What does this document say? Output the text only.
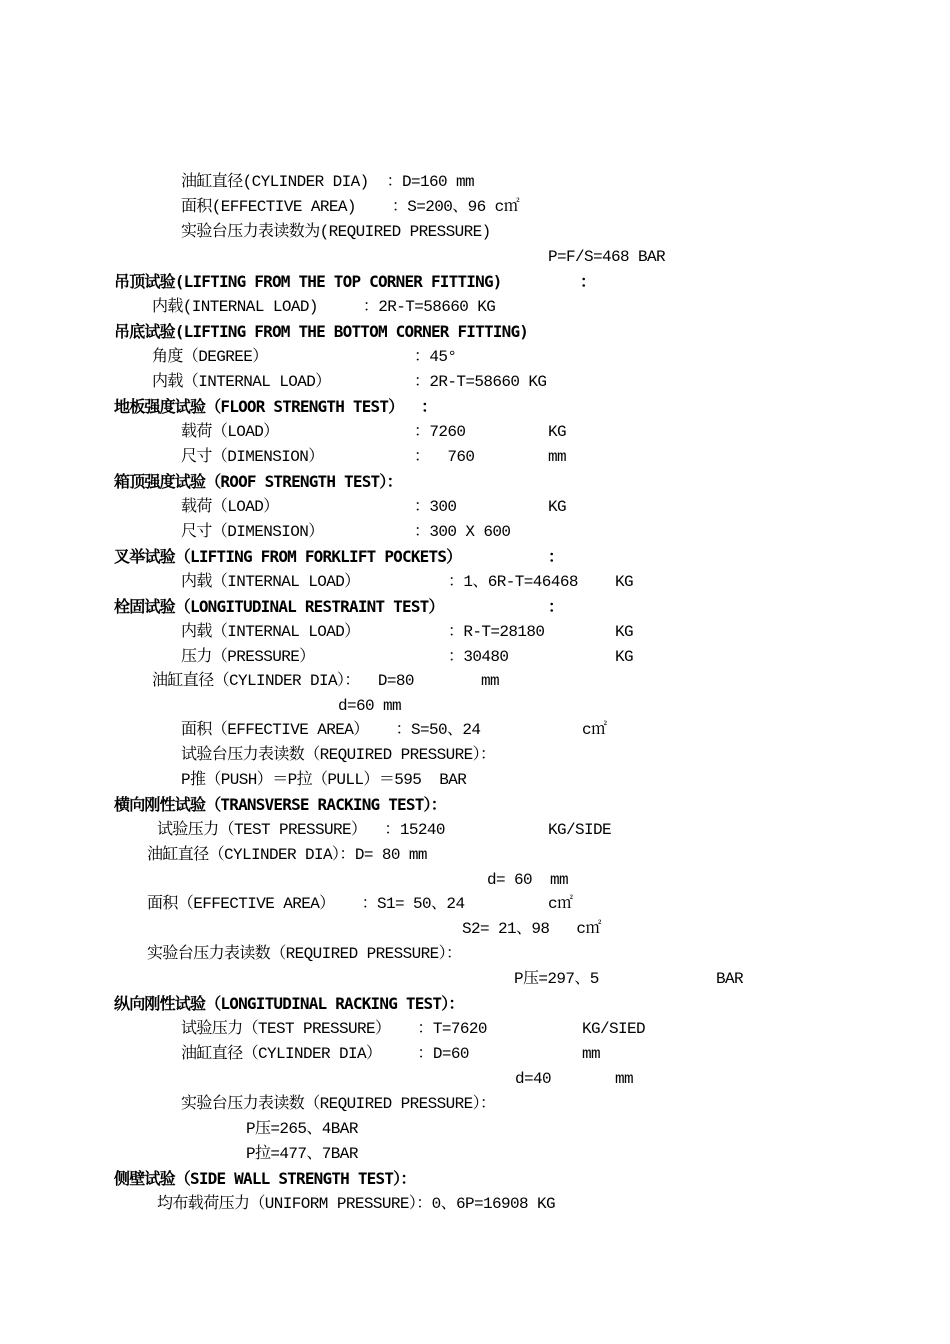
油缸直径(CYLINDER DIA)  ：D=160 mm
面积(EFFECTIVE AREA)    ：S=200、96 c㎡
实验台压力表读数为(REQUIRED PRESSURE)
P=F/S=468 BAR
吊顶试验(LIFTING FROM THE TOP CORNER FITTING)	：
内载(INTERNAL LOAD)     ：2R-T=58660 KG
吊底试验(LIFTING FROM THE BOTTOM CORNER FITTING)
角度（DEGREE）	：45°
内载（INTERNAL LOAD）	：2R-T=58660 KG
地板强度试验（FLOOR STRENGTH TEST）  ：
载荷（LOAD）	：7260	KG
尺寸（DIMENSION）	：  760	mm
箱顶强度试验（ROOF STRENGTH TEST）：
载荷（LOAD）	：300	KG
尺寸（DIMENSION）	：300 X 600
叉举试验（LIFTING FROM FORKLIFT POCKETS）	：
内载（INTERNAL LOAD）	：1、6R-T=46468 KG
栓固试验（LONGITUDINAL RESTRAINT TEST）	：
内载（INTERNAL LOAD）	：R-T=28180	KG
压力（PRESSURE）	：30480	KG
油缸直径（CYLINDER DIA）：  D=80	mm
d=60 mm
面积（EFFECTIVE AREA）   ：S=50、24	c㎡
试验台压力表读数（REQUIRED PRESSURE）：
P推（PUSH）＝P拉（PULL）＝595  BAR
横向刚性试验（TRANSVERSE RACKING TEST）：
试验压力（TEST PRESSURE）  ：15240	KG/SIDE
油缸直径（CYLINDER DIA）：D= 80 mm
d= 60  mm
面积（EFFECTIVE AREA）   ：S1= 50、24	c㎡
S2= 21、98   c㎡
实验台压力表读数（REQUIRED PRESSURE）：
P压=297、5	BAR
纵向刚性试验（LONGITUDINAL RACKING TEST）：
试验压力（TEST PRESSURE）   ：T=7620	KG/SIED
油缸直径（CYLINDER DIA）    ：D=60	mm
d=40	mm
实验台压力表读数（REQUIRED PRESSURE）：
P压=265、4BAR
P拉=477、7BAR
侧壁试验（SIDE WALL STRENGTH TEST）：
均布载荷压力（UNIFORM PRESSURE）：0、6P=16908 KG
